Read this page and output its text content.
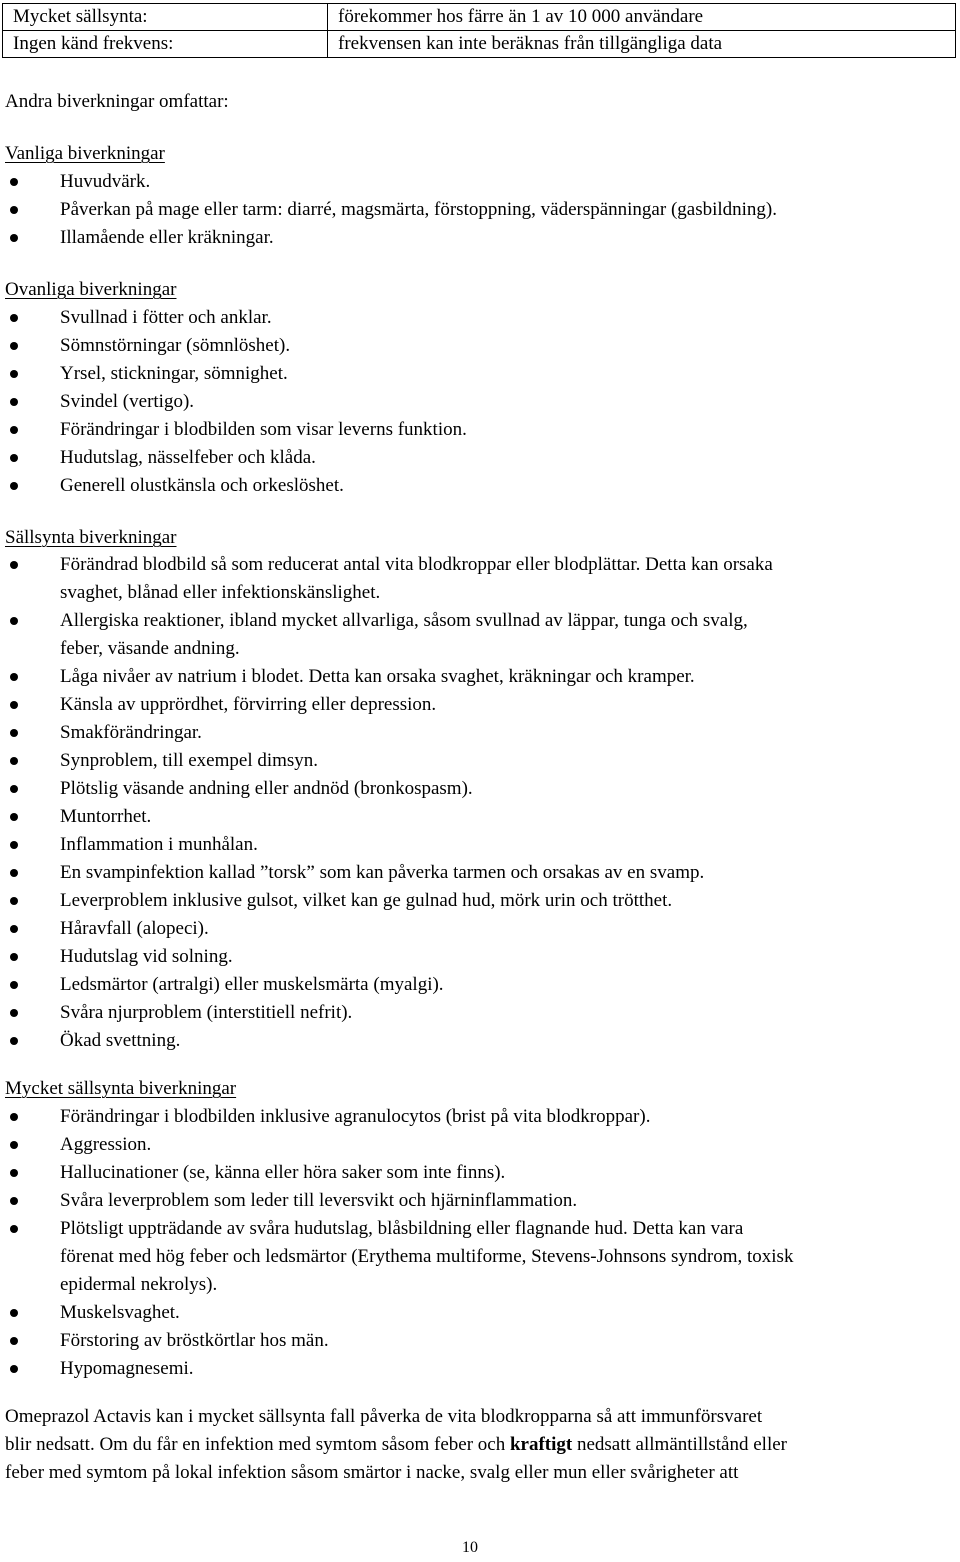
Mycket sällsynta:	förekommer hos färre än 1 av 10 000 användare
Ingen känd frekvens:	frekvensen kan inte beräknas från tillgängliga data
Andra biverkningar omfattar:
Vanliga biverkningar
Huvudvärk.
Påverkan på mage eller tarm: diarré, magsmärta, förstoppning, väderspänningar (gasbildning).
Illamående eller kräkningar.
Ovanliga biverkningar
Svullnad i fötter och anklar.
Sömnstörningar (sömnlöshet).
Yrsel, stickningar, sömnighet.
Svindel (vertigo).
Förändringar i blodbilden som visar leverns funktion.
Hudutslag, nässelfeber och klåda.
Generell olustkänsla och orkeslöshet.
Sällsynta biverkningar
Förändrad blodbild så som reducerat antal vita blodkroppar eller blodplättar. Detta kan orsaka
svaghet, blånad eller infektionskänslighet.
Allergiska reaktioner, ibland mycket allvarliga, såsom svullnad av läppar, tunga och svalg,
feber, väsande andning.
Låga nivåer av natrium i blodet. Detta kan orsaka svaghet, kräkningar och kramper.
Känsla av upprördhet, förvirring eller depression.
Smakförändringar.
Synproblem, till exempel dimsyn.
Plötslig väsande andning eller andnöd (bronkospasm).
Muntorrhet.
Inflammation i munhålan.
En svampinfektion kallad ”torsk” som kan påverka tarmen och orsakas av en svamp.
Leverproblem inklusive gulsot, vilket kan ge gulnad hud, mörk urin och trötthet.
Håravfall (alopeci).
Hudutslag vid solning.
Ledsmärtor (artralgi) eller muskelsmärta (myalgi).
Svåra njurproblem (interstitiell nefrit).
Ökad svettning.
Mycket sällsynta biverkningar
Förändringar i blodbilden inklusive agranulocytos (brist på vita blodkroppar).
Aggression.
Hallucinationer (se, känna eller höra saker som inte finns).
Svåra leverproblem som leder till leversvikt och hjärninflammation.
Plötsligt uppträdande av svåra hudutslag, blåsbildning eller flagnande hud. Detta kan vara
förenat med hög feber och ledsmärtor (Erythema multiforme, Stevens-Johnsons syndrom, toxisk
epidermal nekrolys).
Muskelsvaghet.
Förstoring av bröstkörtlar hos män.
Hypomagnesemi.
Omeprazol Actavis kan i mycket sällsynta fall påverka de vita blodkropparna så att immunförsvaret
blir nedsatt. Om du får en infektion med symtom såsom feber och kraftigt nedsatt allmäntillstånd eller
feber med symtom på lokal infektion såsom smärtor i nacke, svalg eller mun eller svårigheter att
10
